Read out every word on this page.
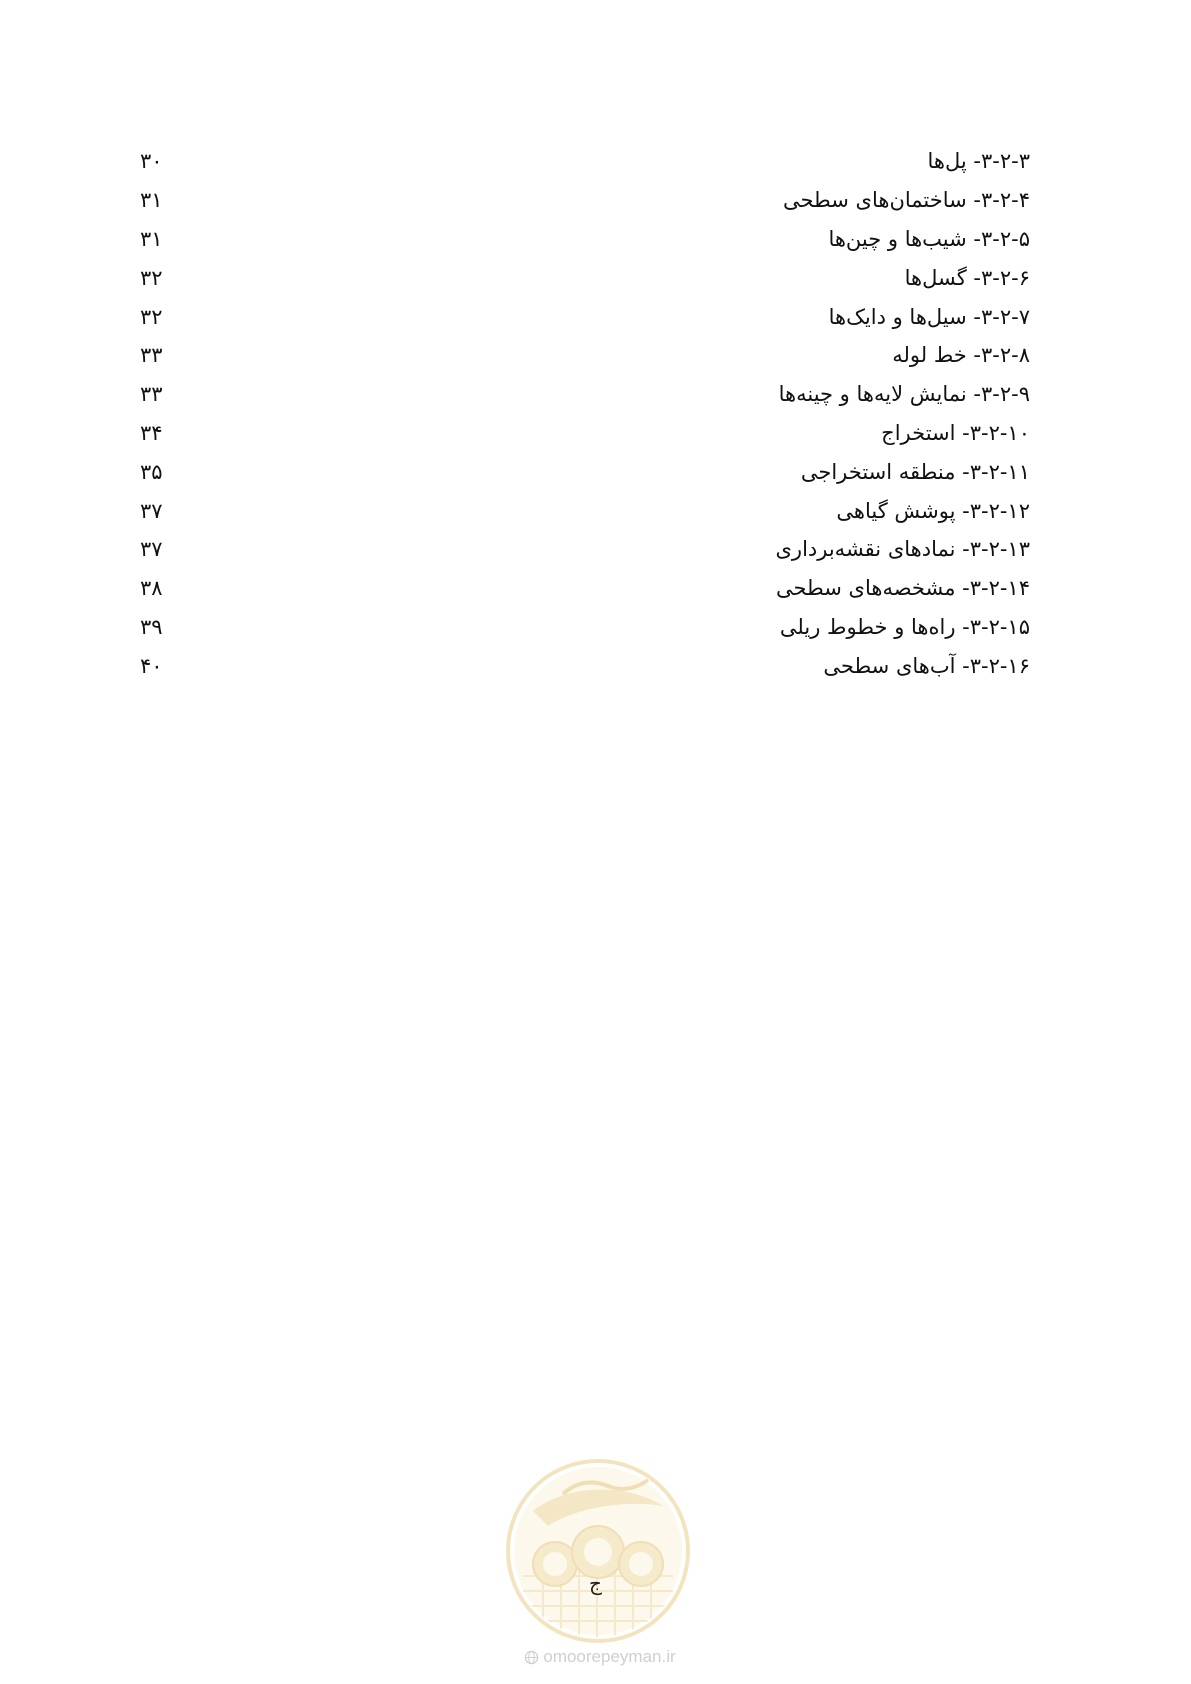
۳-۲-۳- پل‌ها
۳۰
۳-۲-۴- ساختمان‌های سطحی
۳۱
۳-۲-۵- شیب‌ها و چین‌ها
۳۱
۳-۲-۶- گسل‌ها
۳۲
۳-۲-۷- سیل‌ها و دایک‌ها
۳۲
۳-۲-۸- خط لوله
۳۳
۳-۲-۹- نمایش لایه‌ها و چینه‌ها
۳۳
۳-۲-۱۰- استخراج
۳۴
۳-۲-۱۱- منطقه استخراجی
۳۵
۳-۲-۱۲- پوشش گیاهی
۳۷
۳-۲-۱۳- نمادهای نقشه‌برداری
۳۷
۳-۲-۱۴- مشخصه‌های سطحی
۳۸
۳-۲-۱۵- راه‌ها و خطوط ریلی
۳۹
۳-۲-۱۶- آب‌های سطحی
۴۰
ج
omoorepeyman.ir
